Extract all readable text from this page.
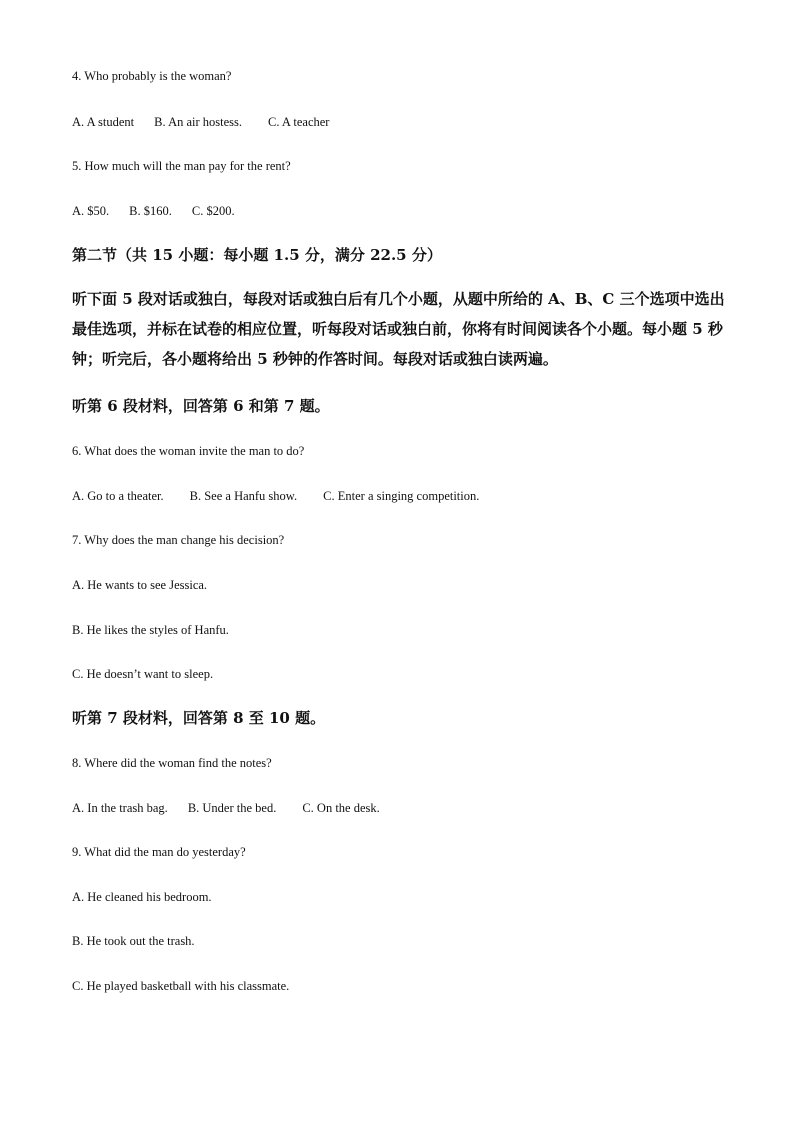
4. Who probably is the woman?
A. A student B. An air hostess. C. A teacher
5. How much will the man pay for the rent?
A. $50. B. $160. C. $200.
第二节（共 15 小题：每小题 1.5 分，满分 22.5 分）
听下面 5 段对话或独白，每段对话或独白后有几个小题，从题中所给的 A、B、C 三个选项中选出最佳选项，并标在试卷的相应位置，听每段对话或独白前，你将有时间阅读各个小题。每小题 5 秒钟；听完后，各小题将给出 5 秒钟的作答时间。每段对话或独白读两遍。
听第 6 段材料，回答第 6 和第 7 题。
6. What does the woman invite the man to do?
A. Go to a theater. B. See a Hanfu show. C. Enter a singing competition.
7. Why does the man change his decision?
A. He wants to see Jessica.
B. He likes the styles of Hanfu.
C. He doesn’t want to sleep.
听第 7 段材料，回答第 8 至 10 题。
8. Where did the woman find the notes?
A. In the trash bag. B. Under the bed. C. On the desk.
9. What did the man do yesterday?
A. He cleaned his bedroom.
B. He took out the trash.
C. He played basketball with his classmate.
